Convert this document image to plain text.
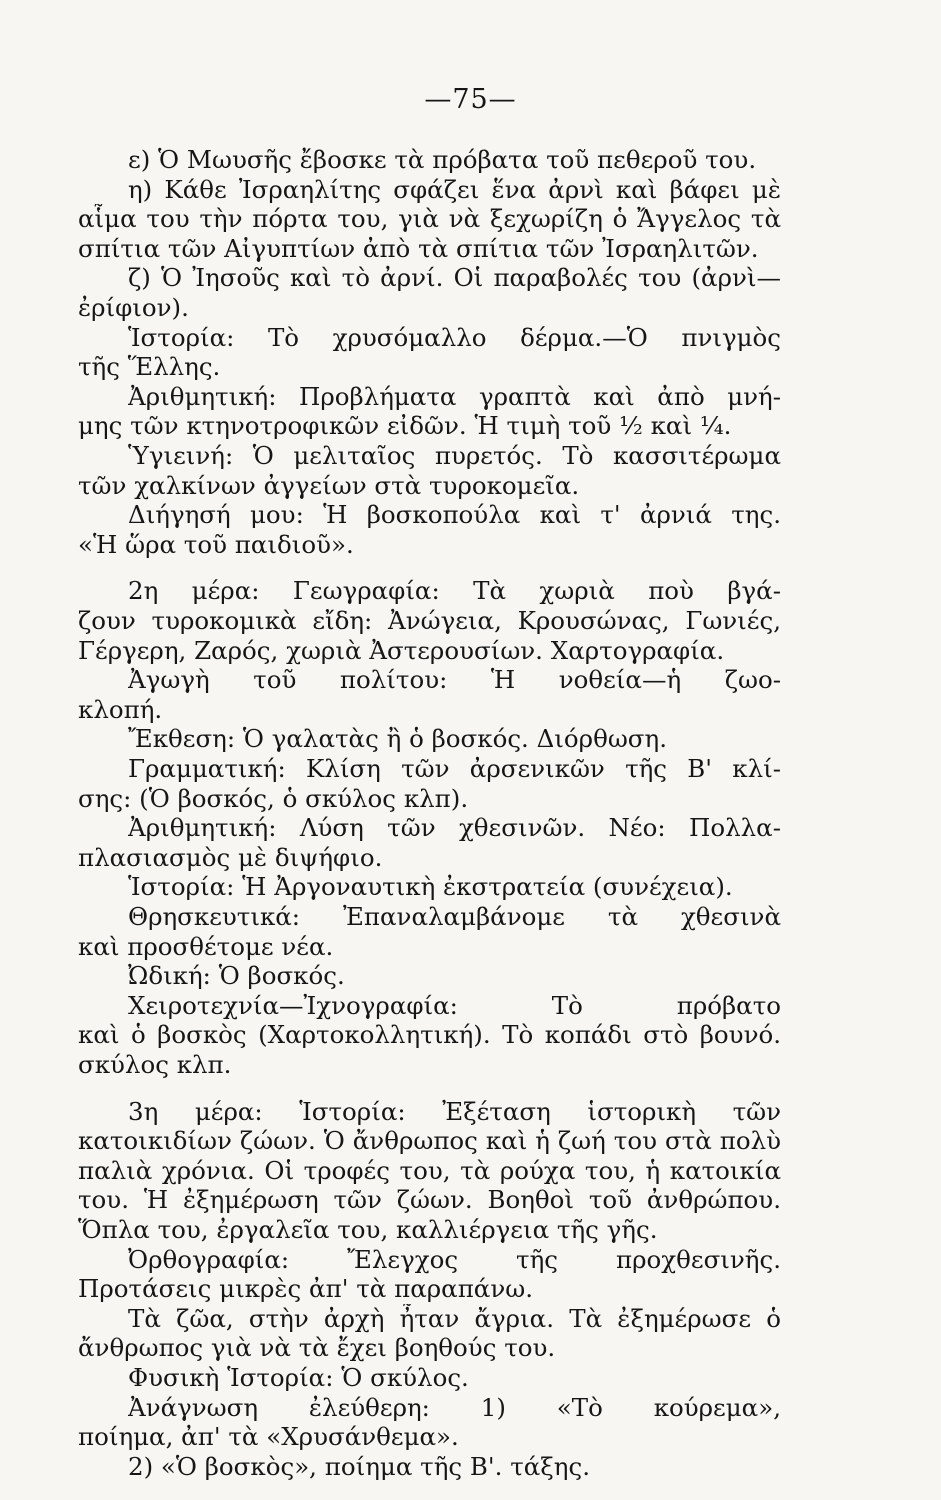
—75—
ε) Ὁ Μωυσῆς ἔβοσκε τὰ πρόβατα τοῦ πεθεροῦ του.
η) Κάθε Ἰσραηλίτης σφάζει ἕνα ἀρνὶ καὶ βάφει μὲ
αἷμα του τὴν πόρτα του, γιὰ νὰ ξεχωρίζη ὁ Ἄγγελος τὰ
σπίτια τῶν Αἰγυπτίων ἀπὸ τὰ σπίτια τῶν Ἰσραηλιτῶν.
ζ) Ὁ Ἰησοῦς καὶ τὸ ἀρνί. Οἱ παραβολές του (ἀρνὶ—
ἐρίφιον).
Ἱστορία: Τὸ χρυσόμαλλο δέρμα.—Ὁ πνιγμὸς
τῆς Ἕλλης.
Ἀριθμητική: Προβλήματα γραπτὰ καὶ ἀπὸ μνή-
μης τῶν κτηνοτροφικῶν εἰδῶν. Ἡ τιμὴ τοῦ ½ καὶ ¼.
Ὑγιεινή: Ὁ μελιταῖος πυρετός. Τὸ κασσιτέρωμα
τῶν χαλκίνων ἀγγείων στὰ τυροκομεῖα.
Διήγησή μου: Ἡ βοσκοπούλα καὶ τ' ἀρνιά της.
«Ἡ ὥρα τοῦ παιδιοῦ».
2η μέρα: Γεωγραφία: Τὰ χωριὰ ποὺ βγά-
ζουν τυροκομικὰ εἴδη: Ἀνώγεια, Κρουσώνας, Γωνιές,
Γέργερη, Ζαρός, χωριὰ Ἀστερουσίων. Χαρτογραφία.
Ἀγωγὴ τοῦ πολίτου: Ἡ νοθεία—ἡ ζωο-
κλοπή.
Ἔκθεση: Ὁ γαλατὰς ἢ ὁ βοσκός. Διόρθωση.
Γραμματική: Κλίση τῶν ἀρσενικῶν τῆς Β' κλί-
σης: (Ὁ βοσκός, ὁ σκύλος κλπ).
Ἀριθμητική: Λύση τῶν χθεσινῶν. Νέο: Πολλα-
πλασιασμὸς μὲ διψήφιο.
Ἱστορία: Ἡ Ἀργοναυτικὴ ἐκστρατεία (συνέχεια).
Θρησκευτικά: Ἐπαναλαμβάνομε τὰ χθεσινὰ
καὶ προσθέτομε νέα.
Ὠδική: Ὁ βοσκός.
Χειροτεχνία—Ἰχνογραφία: Τὸ πρόβατο
καὶ ὁ βοσκὸς (Χαρτοκολλητική). Τὸ κοπάδι στὸ βουνό.
σκύλος κλπ.
3η μέρα: Ἱστορία: Ἐξέταση ἱστορικὴ τῶν
κατοικιδίων ζώων. Ὁ ἄνθρωπος καὶ ἡ ζωή του στὰ πολὺ
παλιὰ χρόνια. Οἱ τροφές του, τὰ ρούχα του, ἡ κατοικία
του. Ἡ ἐξημέρωση τῶν ζώων. Βοηθοὶ τοῦ ἀνθρώπου.
Ὅπλα του, ἐργαλεῖα του, καλλιέργεια τῆς γῆς.
Ὀρθογραφία: Ἔλεγχος τῆς προχθεσινῆς.
Προτάσεις μικρὲς ἀπ' τὰ παραπάνω.
Τὰ ζῶα, στὴν ἀρχὴ ἦταν ἄγρια. Τὰ ἐξημέρωσε ὁ
ἄνθρωπος γιὰ νὰ τὰ ἔχει βοηθούς του.
Φυσικὴ Ἱστορία: Ὁ σκύλος.
Ἀνάγνωση ἐλεύθερη: 1) «Τὸ κούρεμα»,
ποίημα, ἀπ' τὰ «Χρυσάνθεμα».
2) «Ὁ βοσκὸς», ποίημα τῆς Β'. τάξης.
